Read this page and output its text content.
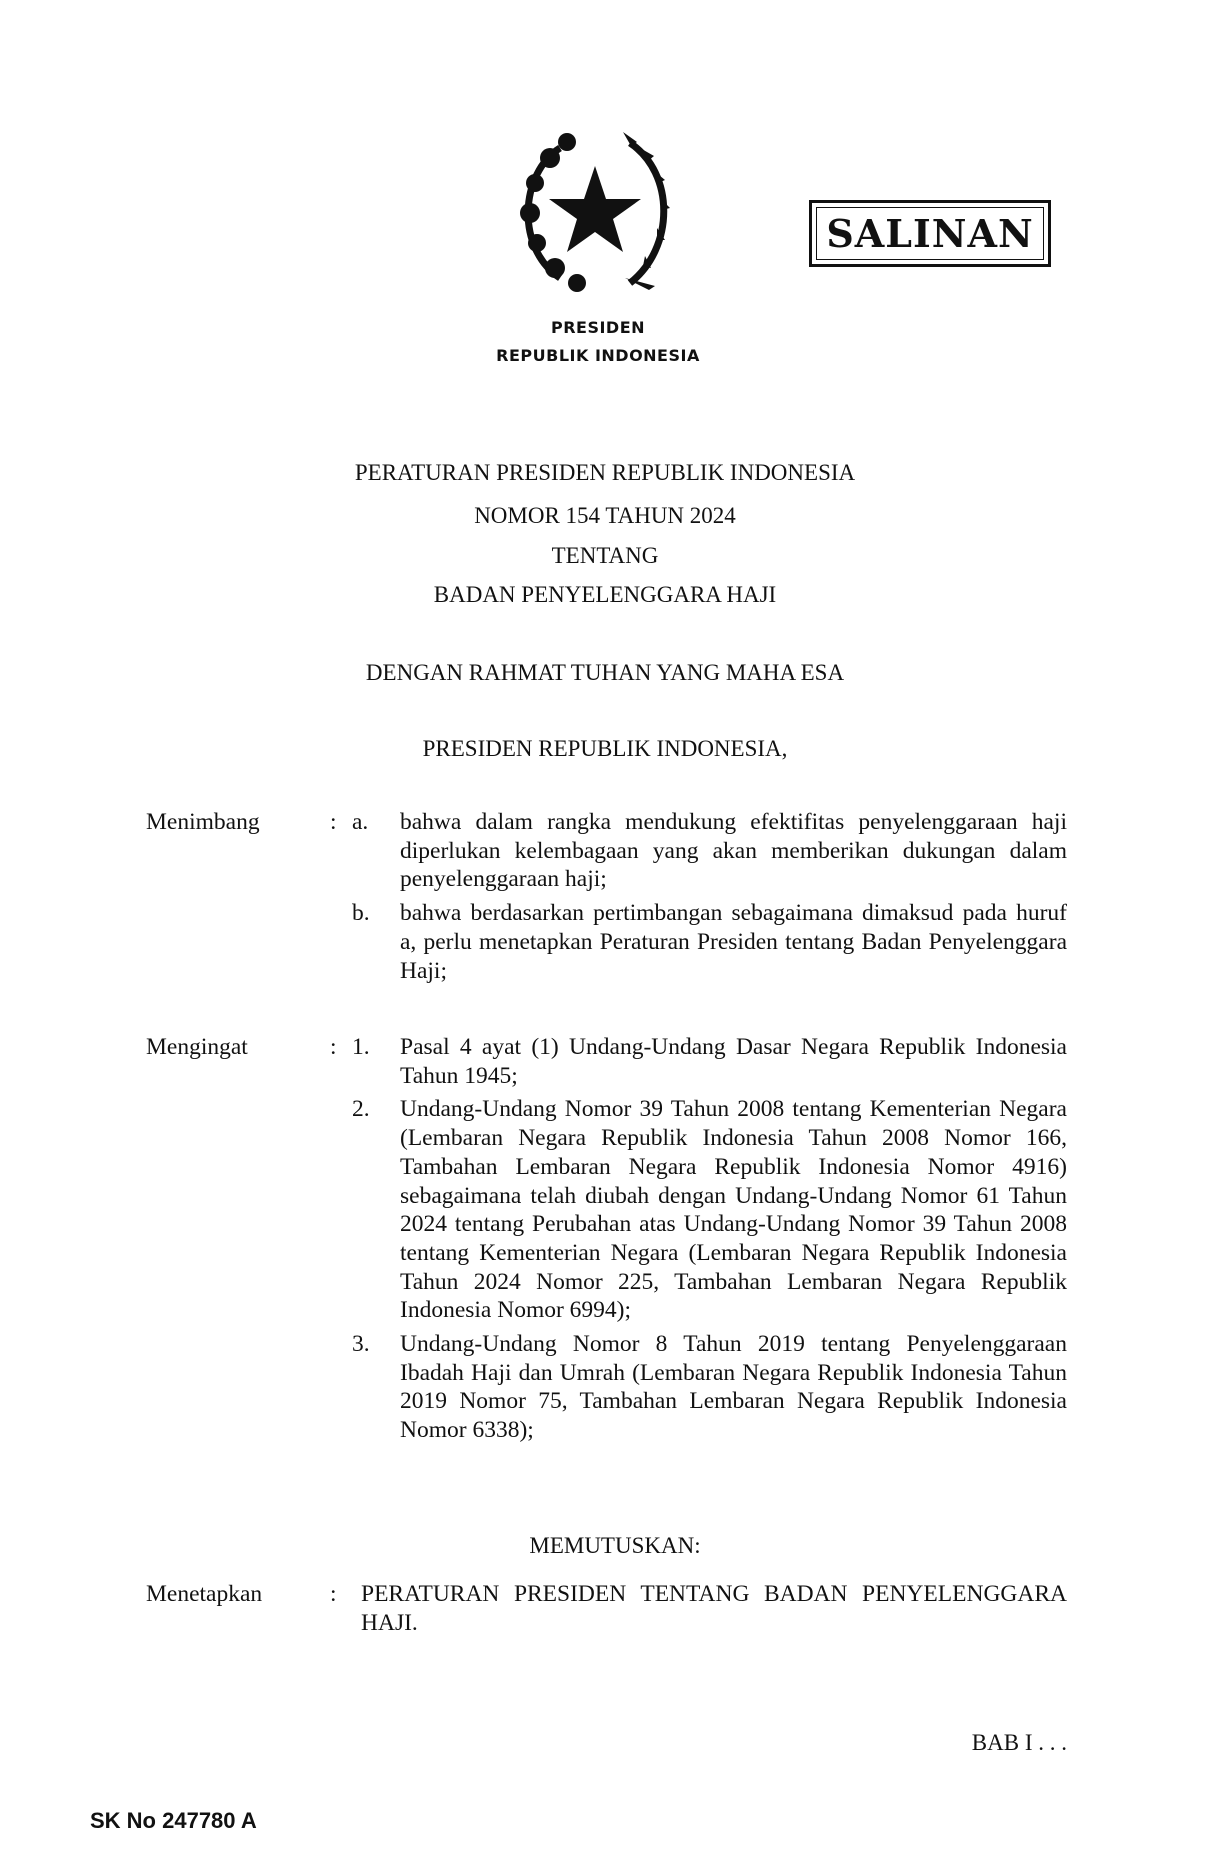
SALINAN
PRESIDEN
REPUBLIK INDONESIA
PERATURAN PRESIDEN REPUBLIK INDONESIA
NOMOR 154 TAHUN 2024
TENTANG
BADAN PENYELENGGARA HAJI
DENGAN RAHMAT TUHAN YANG MAHA ESA
PRESIDEN REPUBLIK INDONESIA,
Menimbang	: a.	bahwa dalam rangka mendukung efektifitas penyelenggaraan haji diperlukan kelembagaan yang akan memberikan dukungan dalam penyelenggaraan haji;
b.	bahwa berdasarkan pertimbangan sebagaimana dimaksud pada huruf a, perlu menetapkan Peraturan Presiden tentang Badan Penyelenggara Haji;
Mengingat	: 1.	Pasal 4 ayat (1) Undang-Undang Dasar Negara Republik Indonesia Tahun 1945;
2.	Undang-Undang Nomor 39 Tahun 2008 tentang Kementerian Negara (Lembaran Negara Republik Indonesia Tahun 2008 Nomor 166, Tambahan Lembaran Negara Republik Indonesia Nomor 4916) sebagaimana telah diubah dengan Undang-Undang Nomor 61 Tahun 2024 tentang Perubahan atas Undang-Undang Nomor 39 Tahun 2008 tentang Kementerian Negara (Lembaran Negara Republik Indonesia Tahun 2024 Nomor 225, Tambahan Lembaran Negara Republik Indonesia Nomor 6994);
3.	Undang-Undang Nomor 8 Tahun 2019 tentang Penyelenggaraan Ibadah Haji dan Umrah (Lembaran Negara Republik Indonesia Tahun 2019 Nomor 75, Tambahan Lembaran Negara Republik Indonesia Nomor 6338);
MEMUTUSKAN:
Menetapkan	:	PERATURAN PRESIDEN TENTANG BADAN PENYELENGGARA HAJI.
BAB I . . .
SK No 247780 A
